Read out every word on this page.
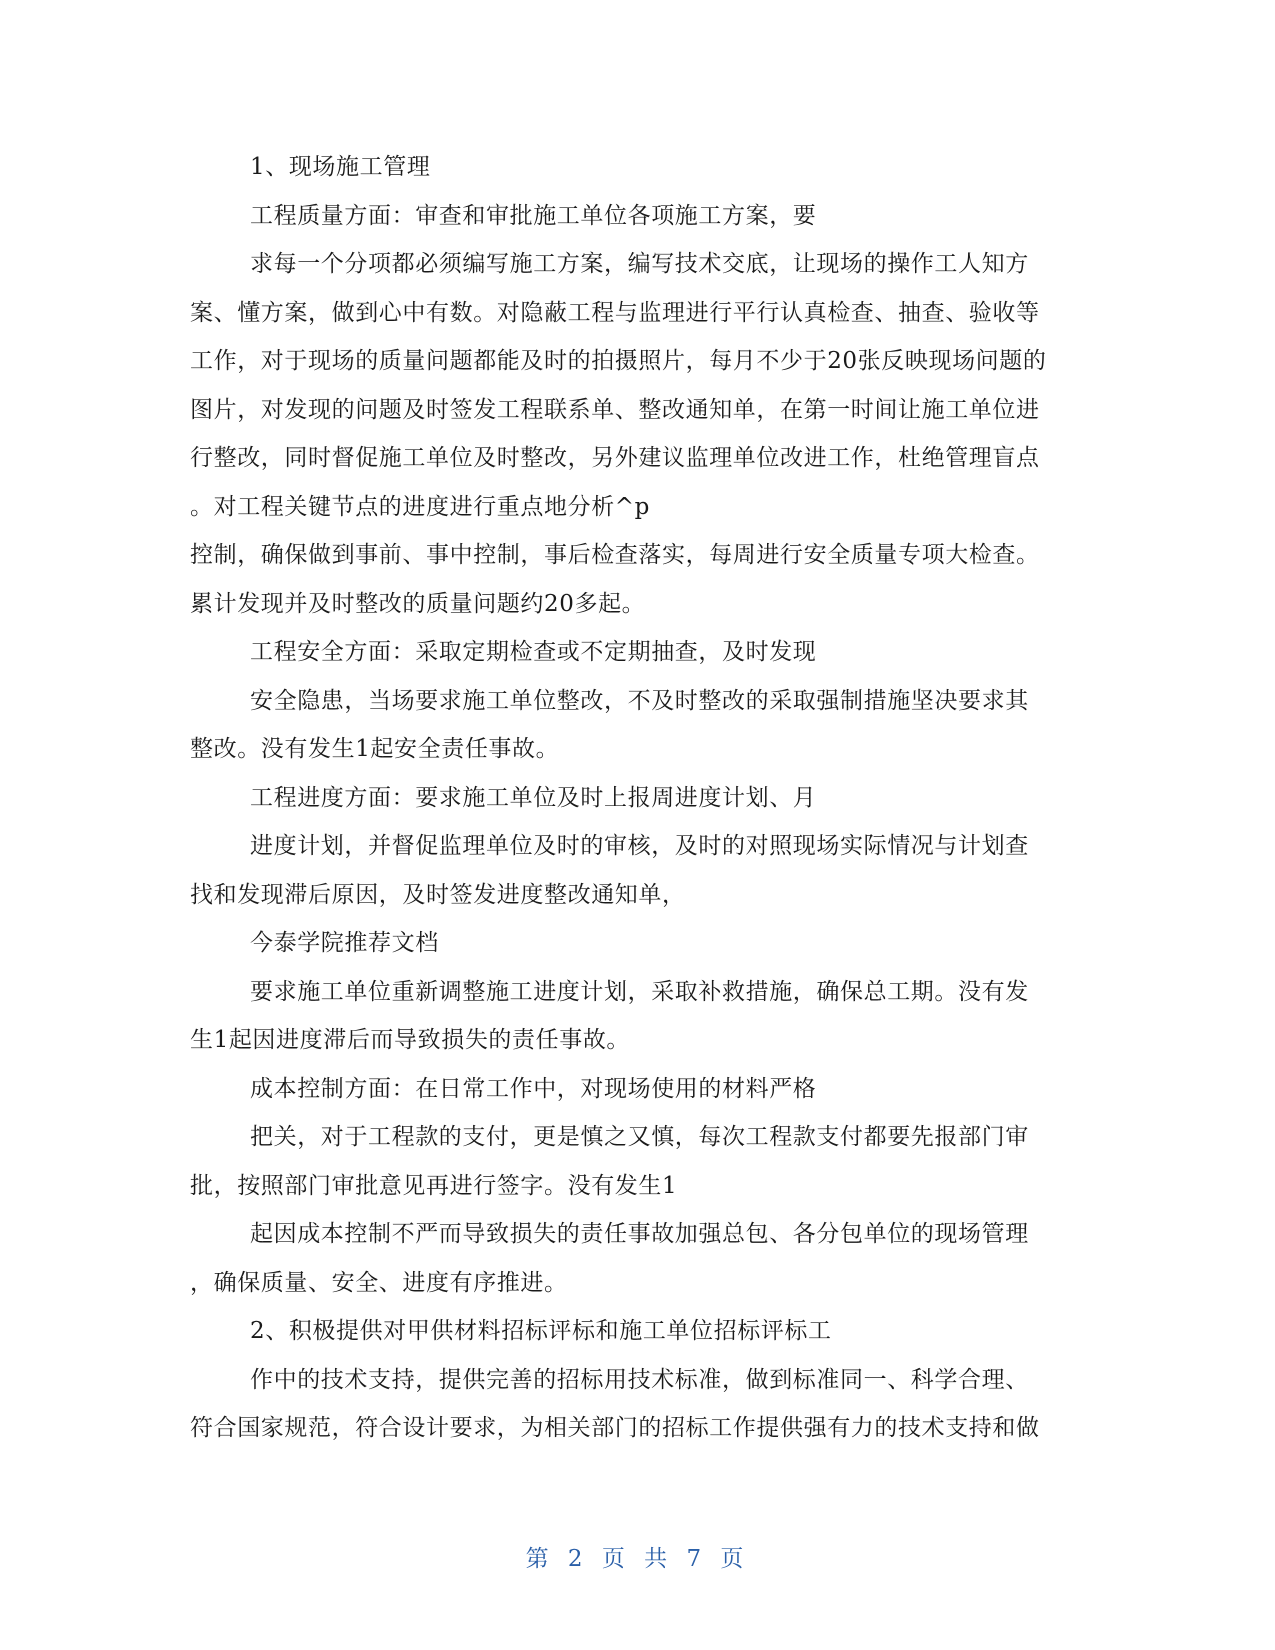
1、现场施工管理
工程质量方面：审查和审批施工单位各项施工方案，要
求每一个分项都必须编写施工方案，编写技术交底，让现场的操作工人知方
案、懂方案，做到心中有数。对隐蔽工程与监理进行平行认真检查、抽查、验收等
工作，对于现场的质量问题都能及时的拍摄照片，每月不少于20张反映现场问题的
图片，对发现的问题及时签发工程联系单、整改通知单，在第一时间让施工单位进
行整改，同时督促施工单位及时整改，另外建议监理单位改进工作，杜绝管理盲点
。对工程关键节点的进度进行重点地分析^p
控制，确保做到事前、事中控制，事后检查落实，每周进行安全质量专项大检查。
累计发现并及时整改的质量问题约20多起。
工程安全方面：采取定期检查或不定期抽查，及时发现
安全隐患，当场要求施工单位整改，不及时整改的采取强制措施坚决要求其
整改。没有发生1起安全责任事故。
工程进度方面：要求施工单位及时上报周进度计划、月
进度计划，并督促监理单位及时的审核，及时的对照现场实际情况与计划查
找和发现滞后原因，及时签发进度整改通知单，
今泰学院推荐文档
要求施工单位重新调整施工进度计划，采取补救措施，确保总工期。没有发
生1起因进度滞后而导致损失的责任事故。
成本控制方面：在日常工作中，对现场使用的材料严格
把关，对于工程款的支付，更是慎之又慎，每次工程款支付都要先报部门审
批，按照部门审批意见再进行签字。没有发生1
起因成本控制不严而导致损失的责任事故加强总包、各分包单位的现场管理
，确保质量、安全、进度有序推进。
2、积极提供对甲供材料招标评标和施工单位招标评标工
作中的技术支持，提供完善的招标用技术标准，做到标准同一、科学合理、
符合国家规范，符合设计要求，为相关部门的招标工作提供强有力的技术支持和做
第 2 页 共 7 页
